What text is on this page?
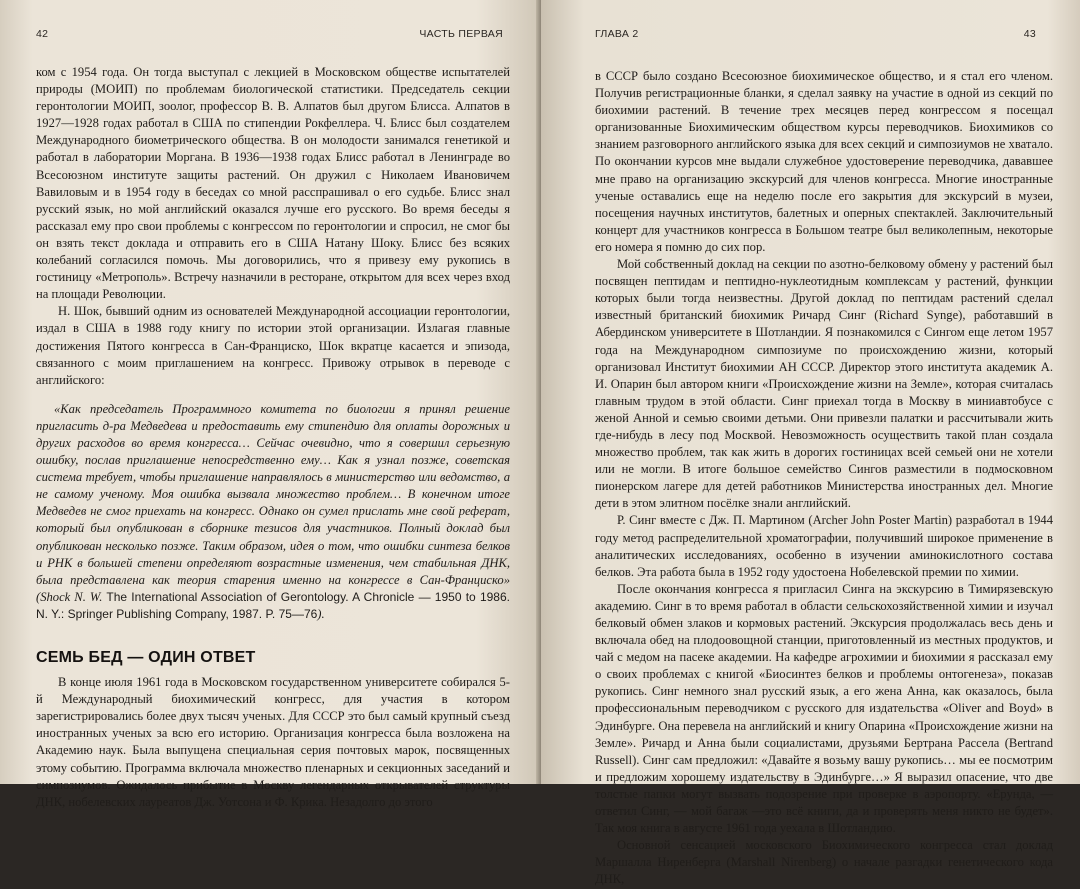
42	ЧАСТЬ ПЕРВАЯ

ком с 1954 года. Он тогда выступал с лекцией в Московском обществе испытателей природы (МОИП) по проблемам биологической статистики. Председатель секции геронтологии МОИП, зоолог, профессор В. В. Алпатов был другом Блисса. Алпатов в 1927—1928 годах работал в США по стипендии Рокфеллера. Ч. Блисс был создателем Международного биометрического общества. В он молодости занимался генетикой и работал в лаборатории Моргана. В 1936—1938 годах Блисс работал в Ленинграде во Всесоюзном институте защиты растений. Он дружил с Николаем Ивановичем Вавиловым и в 1954 году в беседах со мной расспрашивал о его судьбе. Блисс знал русский язык, но мой английский оказался лучше его русского. Во время беседы я рассказал ему про свои проблемы с конгрессом по геронтологии и спросил, не смог бы он взять текст доклада и отправить его в США Натану Шоку. Блисс без всяких колебаний согласился помочь. Мы договорились, что я привезу ему рукопись в гостиницу «Метрополь». Встречу назначили в ресторане, открытом для всех через вход на площади Революции.

Н. Шок, бывший одним из основателей Международной ассоциации геронтологии, издал в США в 1988 году книгу по истории этой организации. Излагая главные достижения Пятого конгресса в Сан-Франциско, Шок вкратце касается и эпизода, связанного с моим приглашением на конгресс. Привожу отрывок в переводе с английского:

«Как председатель Программного комитета по биологии я принял решение пригласить д-ра Медведева и предоставить ему стипендию для оплаты дорожных и других расходов во время конгресса… Сейчас очевидно, что я совершил серьезную ошибку, послав приглашение непосредственно ему… Как я узнал позже, советская система требует, чтобы приглашение направлялось в министерство или ведомство, а не самому ученому. Моя ошибка вызвала множество проблем… В конечном итоге Медведев не смог приехать на конгресс. Однако он сумел прислать мне свой реферат, который был опубликован в сборнике тезисов для участников. Полный доклад был опубликован несколько позже. Таким образом, идея о том, что ошибки синтеза белков и РНК в большей степени определяют возрастные изменения, чем стабильная ДНК, была представлена как теория старения именно на конгрессе в Сан-Франциско» (Shock N. W. The International Association of Gerontology. A Chronicle — 1950 to 1986. N. Y.: Springer Publishing Company, 1987. P. 75—76).

СЕМЬ БЕД — ОДИН ОТВЕТ

В конце июля 1961 года в Московском государственном университете собирался 5-й Международный биохимический конгресс, для участия в котором зарегистрировались более двух тысяч ученых. Для СССР это был самый крупный съезд иностранных ученых за всю его историю. Организация конгресса была возложена на Академию наук. Была выпущена специальная серия почтовых марок, посвященных этому событию. Программа включала множество пленарных и секционных заседаний и симпозиумов. Ожидалось прибытие в Москву легендарных открывателей структуры ДНК, нобелевских лауреатов Дж. Уотсона и Ф. Крика. Незадолго до этого

ГЛАВА 2	43

в СССР было создано Всесоюзное биохимическое общество, и я стал его членом. Получив регистрационные бланки, я сделал заявку на участие в одной из секций по биохимии растений. В течение трех месяцев перед конгрессом я посещал организованные Биохимическим обществом курсы переводчиков. Биохимиков со знанием разговорного английского языка для всех секций и симпозиумов не хватало. По окончании курсов мне выдали служебное удостоверение переводчика, дававшее мне право на организацию экскурсий для членов конгресса. Многие иностранные ученые оставались еще на неделю после его закрытия для экскурсий в музеи, посещения научных институтов, балетных и оперных спектаклей. Заключительный концерт для участников конгресса в Большом театре был великолепным, некоторые его номера я помню до сих пор.

Мой собственный доклад на секции по азотно-белковому обмену у растений был посвящен пептидам и пептидно-нуклеотидным комплексам у растений, функции которых были тогда неизвестны. Другой доклад по пептидам растений сделал известный британский биохимик Ричард Синг (Richard Synge), работавший в Абердинском университете в Шотландии. Я познакомился с Сингом еще летом 1957 года на Международном симпозиуме по происхождению жизни, который организовал Институт биохимии АН СССР. Директор этого института академик А. И. Опарин был автором книги «Происхождение жизни на Земле», которая считалась главным трудом в этой области. Синг приехал тогда в Москву в миниавтобусе с женой Анной и семью своими детьми. Они привезли палатки и рассчитывали жить где-нибудь в лесу под Москвой. Невозможность осуществить такой план создала множество проблем, так как жить в дорогих гостиницах всей семьей они не хотели или не могли. В итоге большое семейство Сингов разместили в подмосковном пионерском лагере для детей работников Министерства иностранных дел. Многие дети в этом элитном посёлке знали английский.

Р. Синг вместе с Дж. П. Мартином (Archer John Poster Martin) разработал в 1944 году метод распределительной хроматографии, получивший широкое применение в аналитических исследованиях, особенно в изучении аминокислотного состава белков. Эта работа была в 1952 году удостоена Нобелевской премии по химии.

После окончания конгресса я пригласил Синга на экскурсию в Тимирязевскую академию. Синг в то время работал в области сельскохозяйственной химии и изучал белковый обмен злаков и кормовых растений. Экскурсия продолжалась весь день и включала обед на плодоовощной станции, приготовленный из местных продуктов, и чай с медом на пасеке академии. На кафедре агрохимии и биохимии я рассказал ему о своих проблемах с книгой «Биосинтез белков и проблемы онтогенеза», показав рукопись. Синг немного знал русский язык, а его жена Анна, как оказалось, была профессиональным переводчиком с русского для издательства «Oliver and Boyd» в Эдинбурге. Она перевела на английский и книгу Опарина «Происхождение жизни на Земле». Ричард и Анна были социалистами, друзьями Бертрана Рассела (Bertrand Russell). Синг сам предложил: «Давайте я возьму вашу рукопись… мы ее посмотрим и предложим хорошему издательству в Эдинбурге…» Я выразил опасение, что две толстые папки могут вызвать подозрение при проверке в аэропорту. «Ерунда, — ответил Синг, — мой багаж —это всё книги, да и проверять меня никто не будет». Так моя книга в августе 1961 года уехала в Шотландию.

Основной сенсацией московского Биохимического конгресса стал доклад Маршалла Ниренберга (Marshall Nirenberg) о начале разгадки генетического кода ДНК,
